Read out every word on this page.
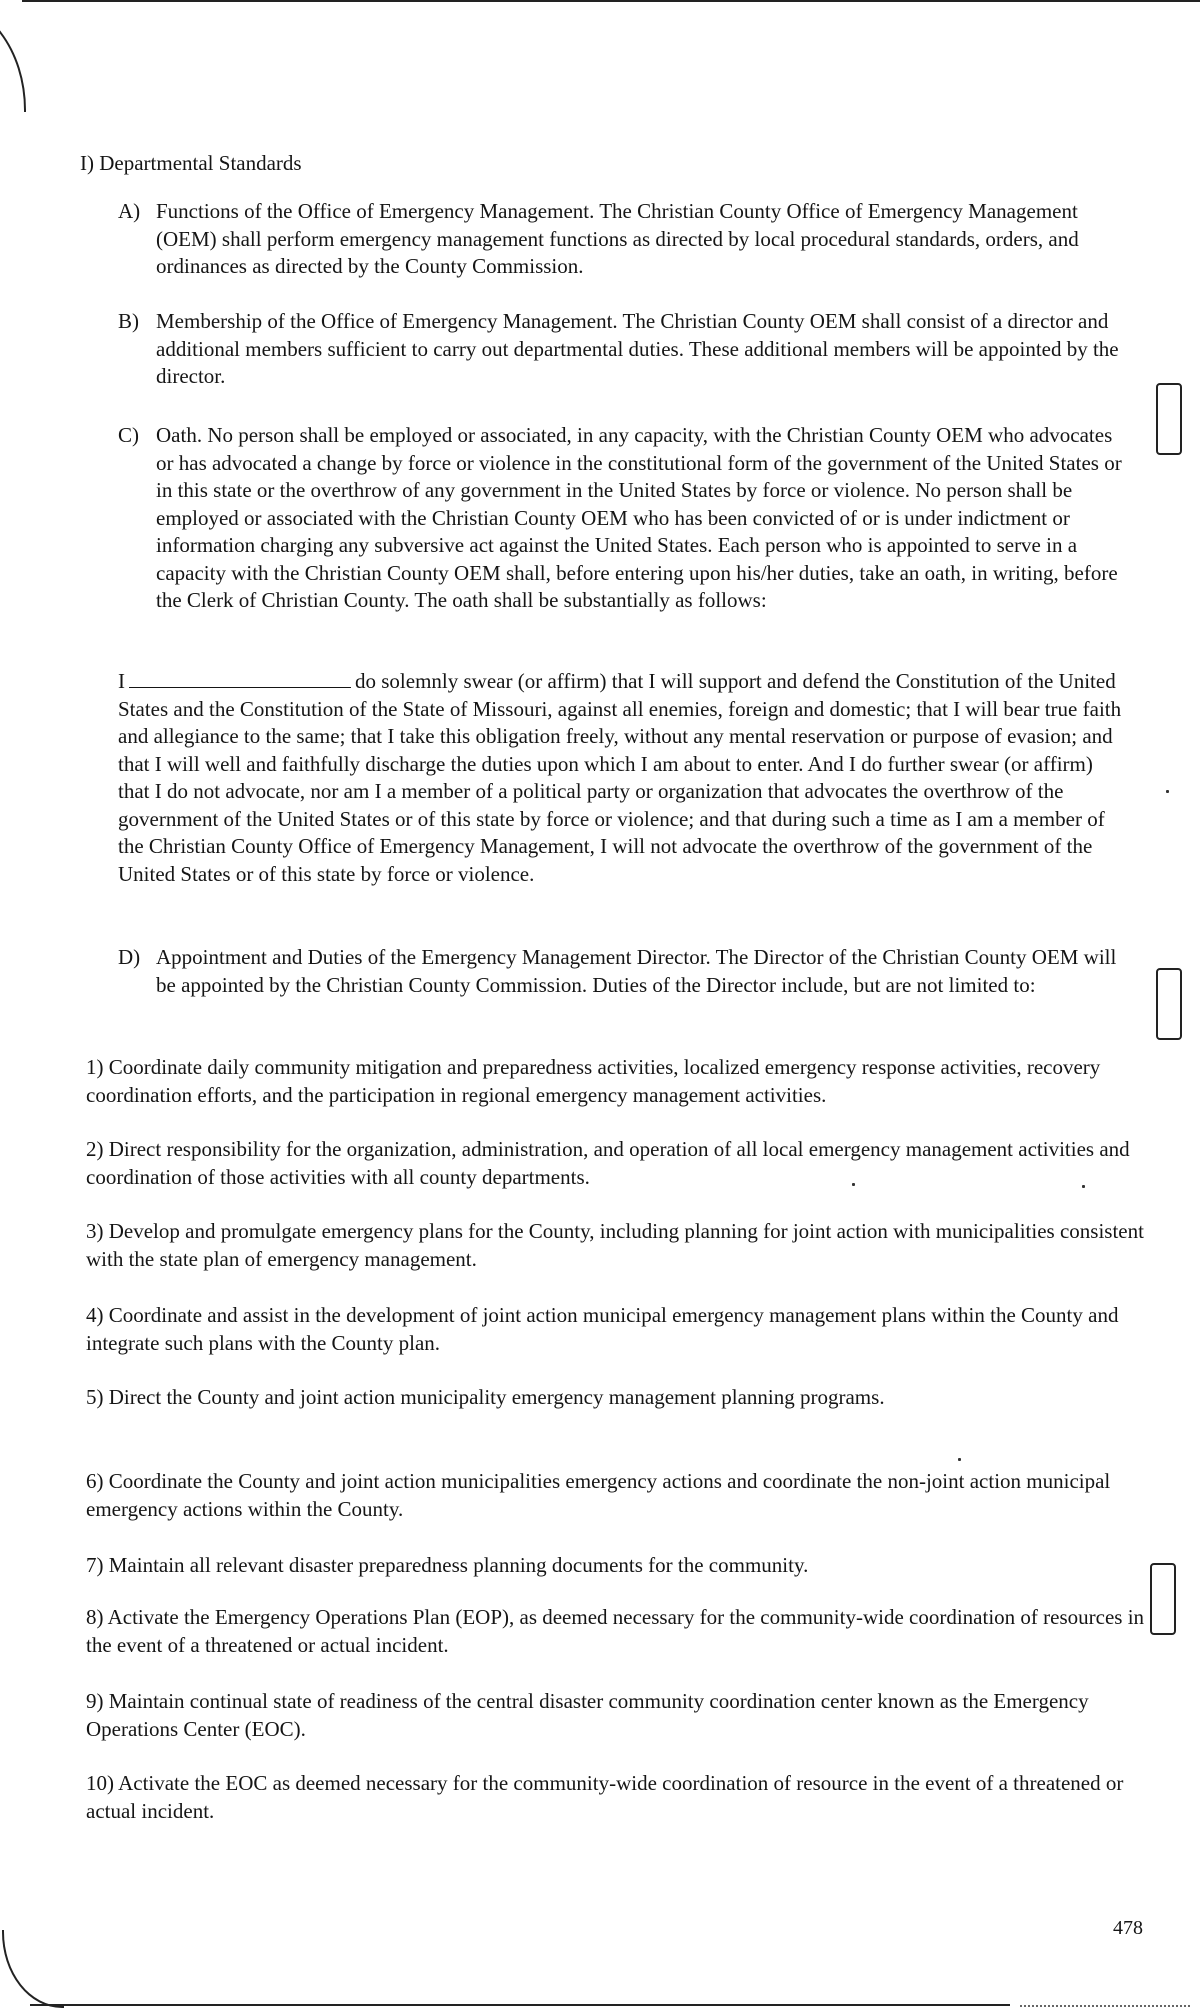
I) Departmental Standards

A) Functions of the Office of Emergency Management. The Christian County Office of Emergency Management (OEM) shall perform emergency management functions as directed by local procedural standards, orders, and ordinances as directed by the County Commission.

B) Membership of the Office of Emergency Management. The Christian County OEM shall consist of a director and additional members sufficient to carry out departmental duties. These additional members will be appointed by the director.

C) Oath. No person shall be employed or associated, in any capacity, with the Christian County OEM who advocates or has advocated a change by force or violence in the constitutional form of the government of the United States or in this state or the overthrow of any government in the United States by force or violence. No person shall be employed or associated with the Christian County OEM who has been convicted of or is under indictment or information charging any subversive act against the United States. Each person who is appointed to serve in a capacity with the Christian County OEM shall, before entering upon his/her duties, take an oath, in writing, before the Clerk of Christian County. The oath shall be substantially as follows:

I	do solemnly swear (or affirm) that I will support and defend the Constitution of the United States and the Constitution of the State of Missouri, against all enemies, foreign and domestic; that I will bear true faith and allegiance to the same; that I take this obligation freely, without any mental reservation or purpose of evasion; and that I will well and faithfully discharge the duties upon which I am about to enter. And I do further swear (or affirm) that I do not advocate, nor am I a member of a political party or organization that advocates the overthrow of the government of the United States or of this state by force or violence; and that during such a time as I am a member of the Christian County Office of Emergency Management, I will not advocate the overthrow of the government of the United States or of this state by force or violence.

D) Appointment and Duties of the Emergency Management Director. The Director of the Christian County OEM will be appointed by the Christian County Commission. Duties of the Director include, but are not limited to:

1) Coordinate daily community mitigation and preparedness activities, localized emergency response activities, recovery coordination efforts, and the participation in regional emergency management activities.

2) Direct responsibility for the organization, administration, and operation of all local emergency management activities and coordination of those activities with all county departments.

3) Develop and promulgate emergency plans for the County, including planning for joint action with municipalities consistent with the state plan of emergency management.

4) Coordinate and assist in the development of joint action municipal emergency management plans within the County and integrate such plans with the County plan.

5) Direct the County and joint action municipality emergency management planning programs.

6) Coordinate the County and joint action municipalities emergency actions and coordinate the non-joint action municipal emergency actions within the County.

7) Maintain all relevant disaster preparedness planning documents for the community.

8) Activate the Emergency Operations Plan (EOP), as deemed necessary for the community-wide coordination of resources in the event of a threatened or actual incident.

9) Maintain continual state of readiness of the central disaster community coordination center known as the Emergency Operations Center (EOC).

10) Activate the EOC as deemed necessary for the community-wide coordination of resource in the event of a threatened or actual incident.

478
